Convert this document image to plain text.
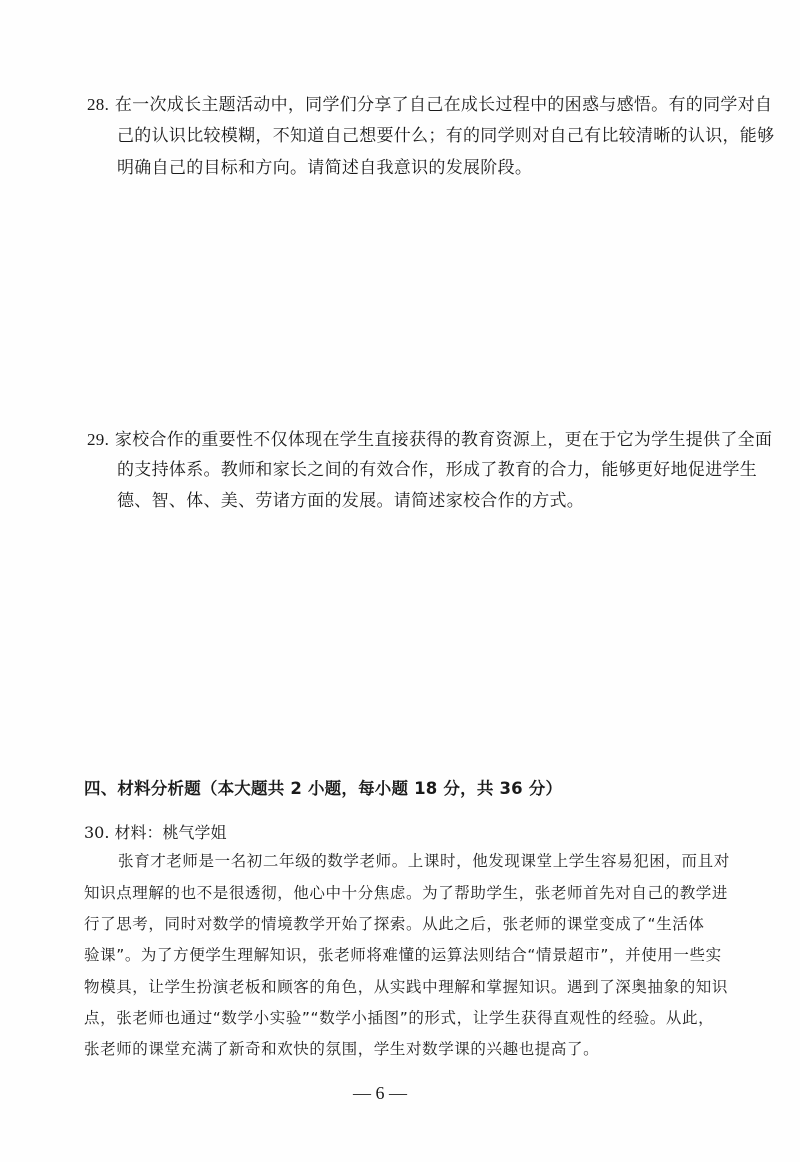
28. 在一次成长主题活动中，同学们分享了自己在成长过程中的困惑与感悟。有的同学对自
己的认识比较模糊，不知道自己想要什么；有的同学则对自己有比较清晰的认识，能够
明确自己的目标和方向。请简述自我意识的发展阶段。
29. 家校合作的重要性不仅体现在学生直接获得的教育资源上，更在于它为学生提供了全面
的支持体系。教师和家长之间的有效合作，形成了教育的合力，能够更好地促进学生
德、智、体、美、劳诸方面的发展。请简述家校合作的方式。
四、材料分析题（本大题共 2 小题，每小题 18 分，共 36 分）
30. 材料：桃气学姐
张育才老师是一名初二年级的数学老师。上课时，他发现课堂上学生容易犯困，而且对
知识点理解的也不是很透彻，他心中十分焦虑。为了帮助学生，张老师首先对自己的教学进
行了思考，同时对数学的情境教学开始了探索。从此之后，张老师的课堂变成了“生活体
验课”。为了方便学生理解知识，张老师将难懂的运算法则结合“情景超市”，并使用一些实
物模具，让学生扮演老板和顾客的角色，从实践中理解和掌握知识。遇到了深奥抽象的知识
点，张老师也通过“数学小实验”“数学小插图”的形式，让学生获得直观性的经验。从此，
张老师的课堂充满了新奇和欢快的氛围，学生对数学课的兴趣也提高了。
— 6 —
